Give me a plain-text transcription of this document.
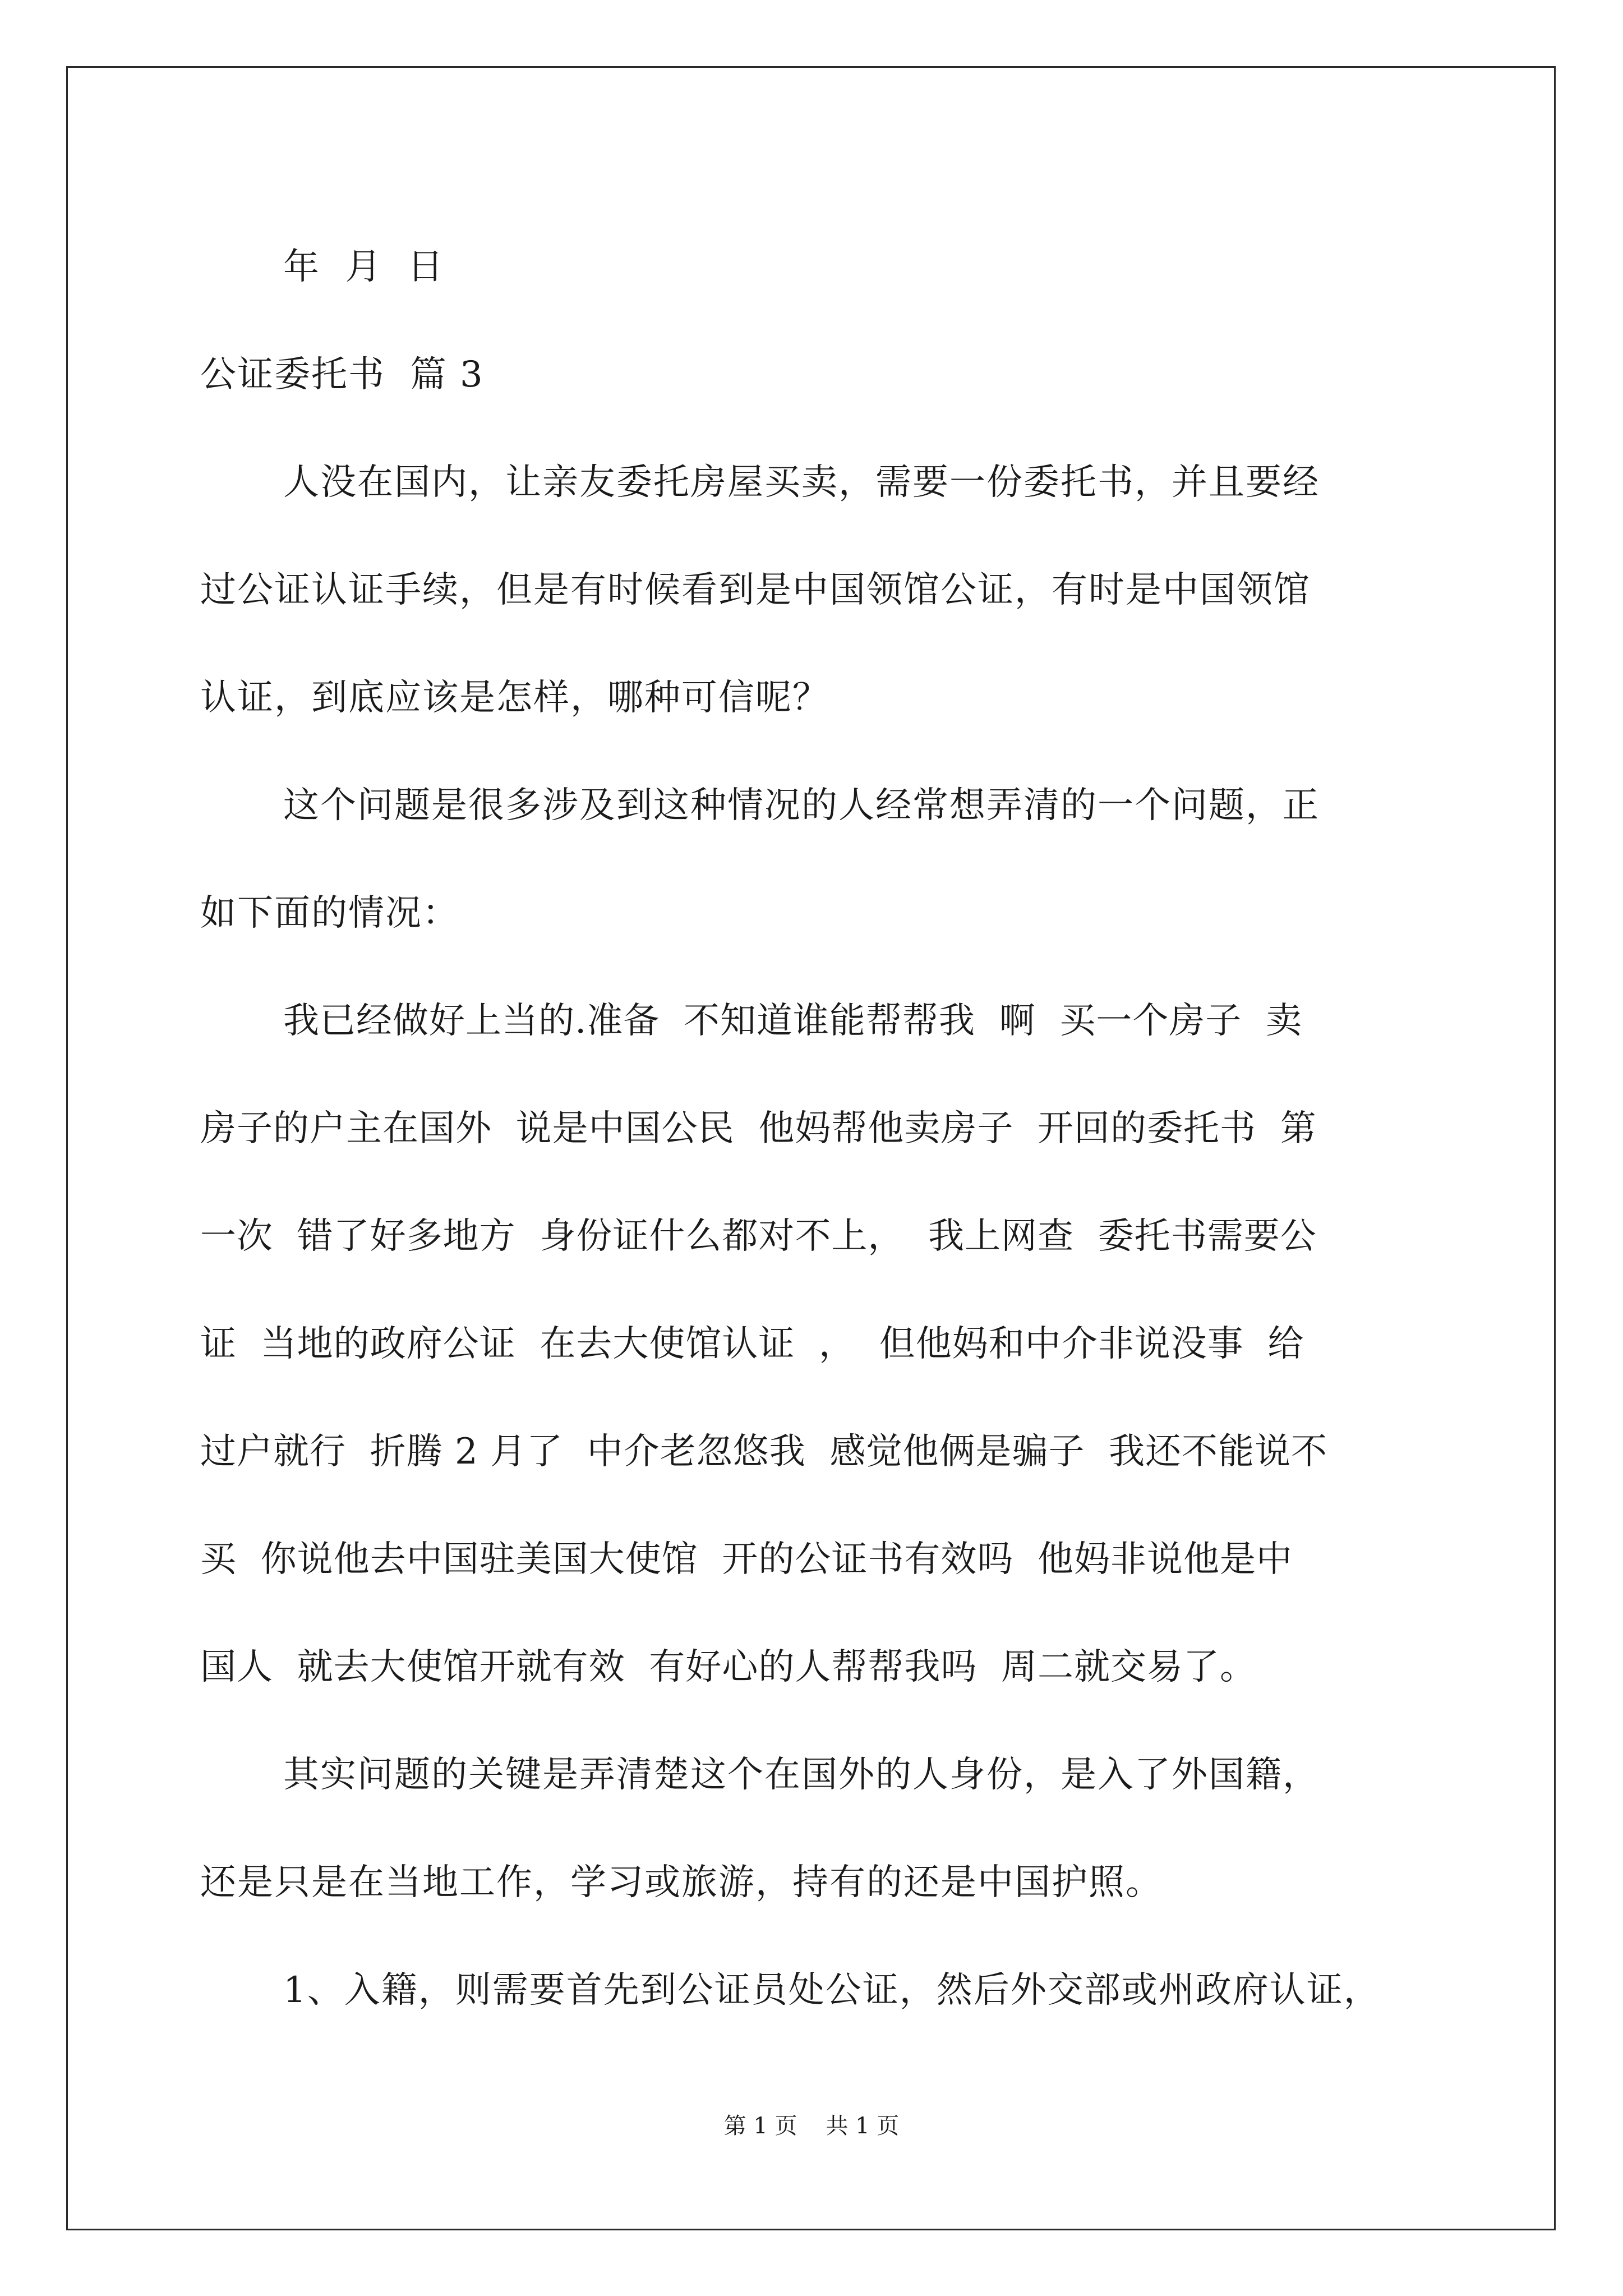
年  月  日

公证委托书  篇 3

人没在国内，让亲友委托房屋买卖，需要一份委托书，并且要经

过公证认证手续，但是有时候看到是中国领馆公证，有时是中国领馆

认证，到底应该是怎样，哪种可信呢？

这个问题是很多涉及到这种情况的人经常想弄清的一个问题，正

如下面的情况：

我已经做好上当的.准备  不知道谁能帮帮我  啊  买一个房子  卖

房子的户主在国外  说是中国公民  他妈帮他卖房子  开回的委托书  第

一次  错了好多地方  身份证什么都对不上，  我上网查  委托书需要公

证  当地的政府公证  在去大使馆认证  ，  但他妈和中介非说没事  给

过户就行  折腾 2 月了  中介老忽悠我  感觉他俩是骗子  我还不能说不

买  你说他去中国驻美国大使馆  开的公证书有效吗  他妈非说他是中

国人  就去大使馆开就有效  有好心的人帮帮我吗  周二就交易了。

其实问题的关键是弄清楚这个在国外的人身份，是入了外国籍，

还是只是在当地工作，学习或旅游，持有的还是中国护照。

1、入籍，则需要首先到公证员处公证，然后外交部或州政府认证，

第 1 页    共 1 页
